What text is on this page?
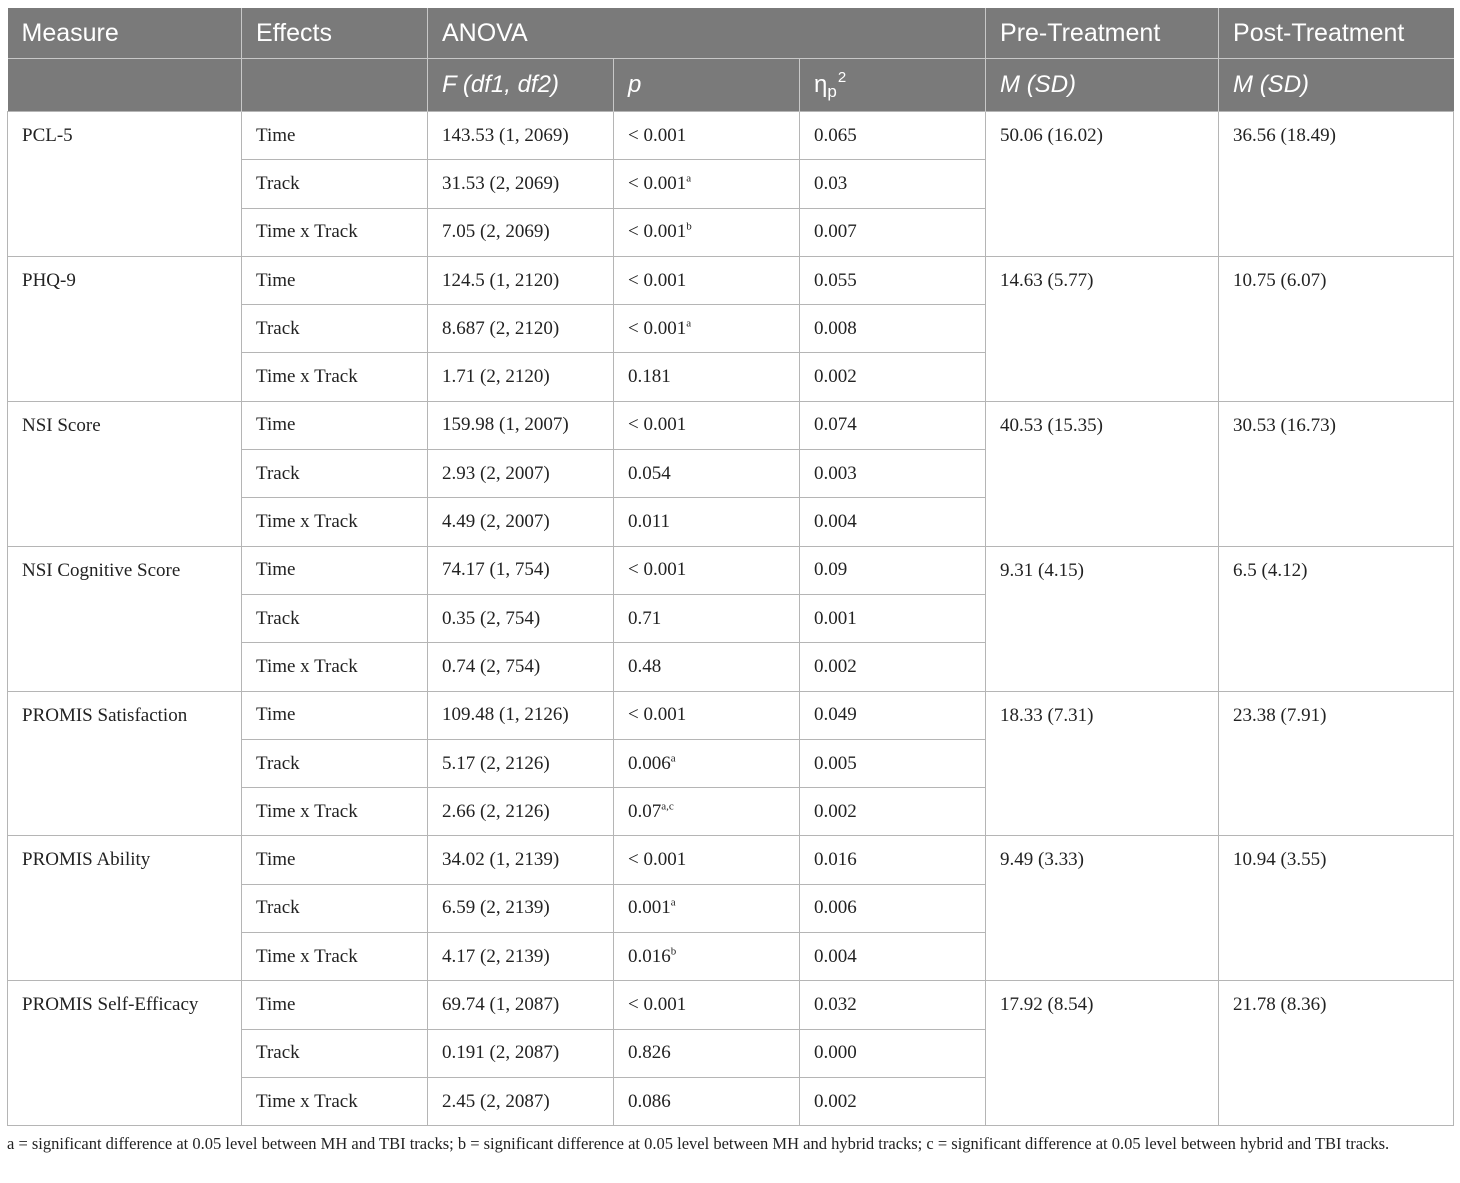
Measure	Effects	ANOVA			Pre-Treatment	Post-Treatment
		F (df1, df2)	p	$\eta_p^2$	M (SD)	M (SD)
PCL-5	Time	143.53 (1, 2069)	< 0.001	0.065	50.06 (16.02)	36.56 (18.49)
	Track	31.53 (2, 2069)	< 0.001$^a$	0.03		
	Time x Track	7.05 (2, 2069)	< 0.001$^b$	0.007		
PHQ-9	Time	124.5 (1, 2120)	< 0.001	0.055	14.63 (5.77)	10.75 (6.07)
	Track	8.687 (2, 2120)	< 0.001$^a$	0.008		
	Time x Track	1.71 (2, 2120)	0.181	0.002		
NSI Score	Time	159.98 (1, 2007)	< 0.001	0.074	40.53 (15.35)	30.53 (16.73)
	Track	2.93 (2, 2007)	0.054	0.003		
	Time x Track	4.49 (2, 2007)	0.011	0.004		
NSI Cognitive Score	Time	74.17 (1, 754)	< 0.001	0.09	9.31 (4.15)	6.5 (4.12)
	Track	0.35 (2, 754)	0.71	0.001		
	Time x Track	0.74 (2, 754)	0.48	0.002		
PROMIS Satisfaction	Time	109.48 (1, 2126)	< 0.001	0.049	18.33 (7.31)	23.38 (7.91)
	Track	5.17 (2, 2126)	0.006$^a$	0.005		
	Time x Track	2.66 (2, 2126)	0.07$^{a,c}$	0.002		
PROMIS Ability	Time	34.02 (1, 2139)	< 0.001	0.016	9.49 (3.33)	10.94 (3.55)
	Track	6.59 (2, 2139)	0.001$^a$	0.006		
	Time x Track	4.17 (2, 2139)	0.016$^b$	0.004		
PROMIS Self-Efficacy	Time	69.74 (1, 2087)	< 0.001	0.032	17.92 (8.54)	21.78 (8.36)
	Track	0.191 (2, 2087)	0.826	0.000		
	Time x Track	2.45 (2, 2087)	0.086	0.002		
a = significant difference at 0.05 level between MH and TBI tracks; b = significant difference at 0.05 level between MH and hybrid tracks; c = significant difference at 0.05 level between hybrid and TBI tracks.
